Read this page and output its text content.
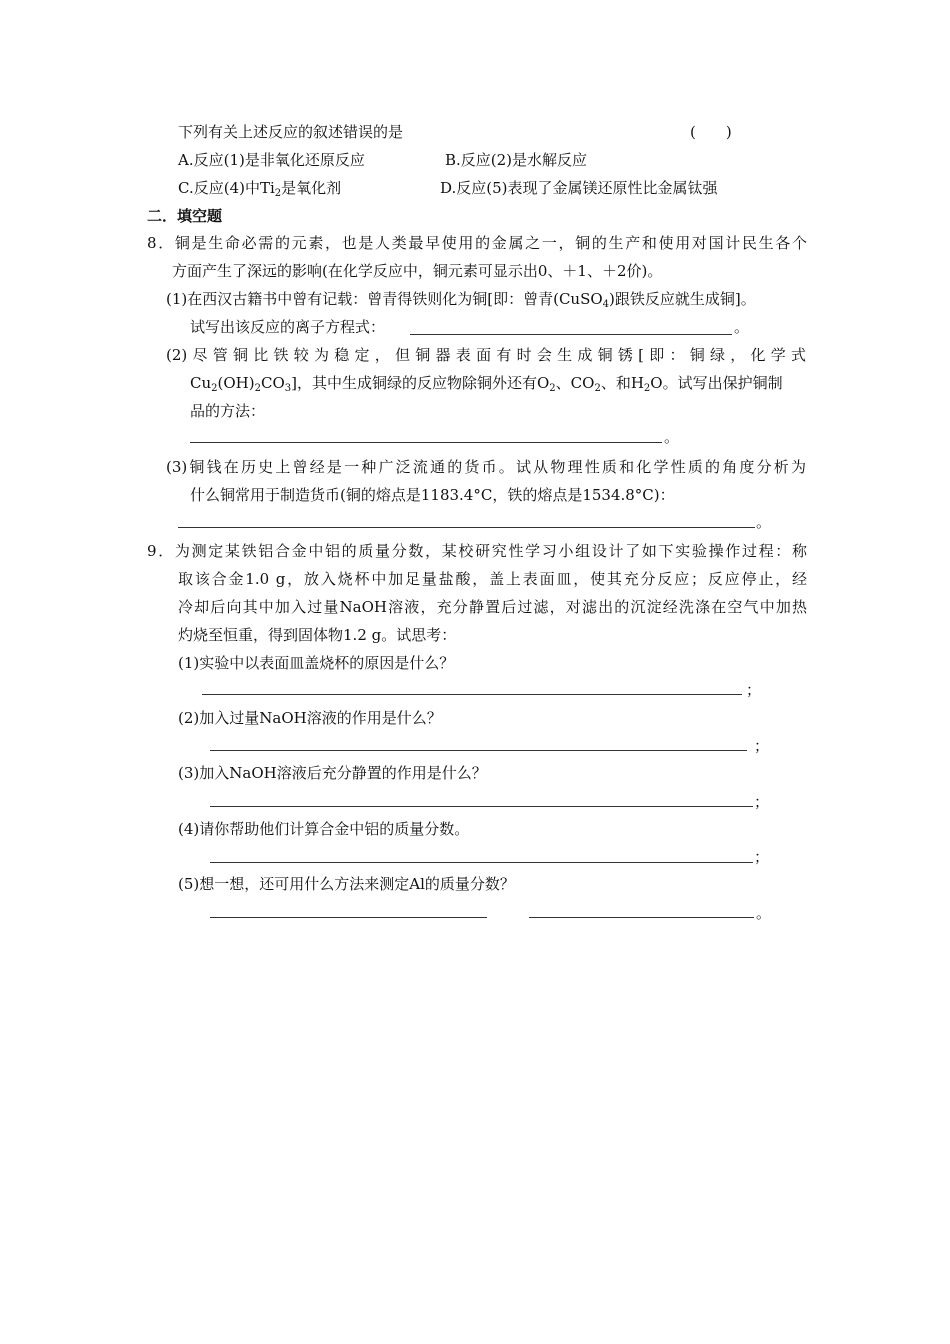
下列有关上述反应的叙述错误的是	(　　)
A.反应(1)是非氧化还原反应	B.反应(2)是水解反应
C.反应(4)中$Ti_2$是氧化剂	D.反应(5)表现了金属镁还原性比金属钛强
二．填空题
8．铜是生命必需的元素，也是人类最早使用的金属之一，铜的生产和使用对国计民生各个
方面产生了深远的影响(在化学反应中，铜元素可显示出0、＋1、＋2价)。
(1)在西汉古籍书中曾有记载：曾青得铁则化为铜[即：曾青(CuSO$_4$)跟铁反应就生成铜]。
试写出该反应的离子方程式：	。
(2)尽管铜比铁较为稳定，但铜器表面有时会生成铜锈[即：铜绿，化学式
$Cu_2(OH)_2CO_3$]，其中生成铜绿的反应物除铜外还有$O_2$、$CO_2$、和$H_2O$。试写出保护铜制
品的方法：
。
(3)铜钱在历史上曾经是一种广泛流通的货币。试从物理性质和化学性质的角度分析为
什么铜常用于制造货币(铜的熔点是1183.4°C，铁的熔点是1534.8°C)：
。
9．为测定某铁铝合金中铝的质量分数，某校研究性学习小组设计了如下实验操作过程：称
取该合金1.0 g，放入烧杯中加足量盐酸，盖上表面皿，使其充分反应；反应停止，经
冷却后向其中加入过量NaOH溶液，充分静置后过滤，对滤出的沉淀经洗涤在空气中加热
灼烧至恒重，得到固体物1.2 g。试思考：
(1)实验中以表面皿盖烧杯的原因是什么？
；
(2)加入过量NaOH溶液的作用是什么？
；
(3)加入NaOH溶液后充分静置的作用是什么？
；
(4)请你帮助他们计算合金中铝的质量分数。
；
(5)想一想，还可用什么方法来测定Al的质量分数？
。
